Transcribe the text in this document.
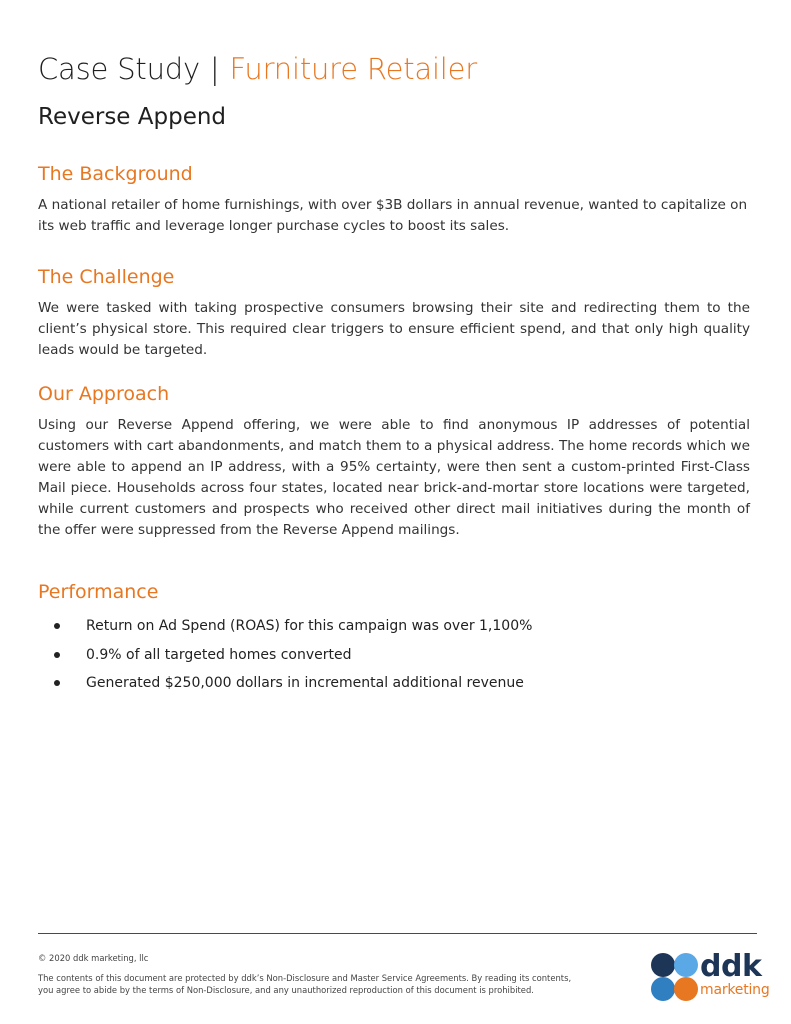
Case Study | Furniture Retailer
Reverse Append
The Background
A national retailer of home furnishings, with over $3B dollars in annual revenue, wanted to capitalize on its web traffic and leverage longer purchase cycles to boost its sales.
The Challenge
We were tasked with taking prospective consumers browsing their site and redirecting them to the client’s physical store. This required clear triggers to ensure efficient spend, and that only high quality leads would be targeted.
Our Approach
Using our Reverse Append offering, we were able to find anonymous IP addresses of potential customers with cart abandonments, and match them to a physical address. The home records which we were able to append an IP address, with a 95% certainty, were then sent a custom-printed First-Class Mail piece. Households across four states, located near brick-and-mortar store locations were targeted, while current customers and prospects who received other direct mail initiatives during the month of the offer were suppressed from the Reverse Append mailings.
Performance
Return on Ad Spend (ROAS) for this campaign was over 1,100%
0.9% of all targeted homes converted
Generated $250,000 dollars in incremental additional revenue
© 2020 ddk marketing, llc
The contents of this document are protected by ddk’s Non-Disclosure and Master Service Agreements. By reading its contents, you agree to abide by the terms of Non-Disclosure, and any unauthorized reproduction of this document is prohibited.
ddk
marketing
